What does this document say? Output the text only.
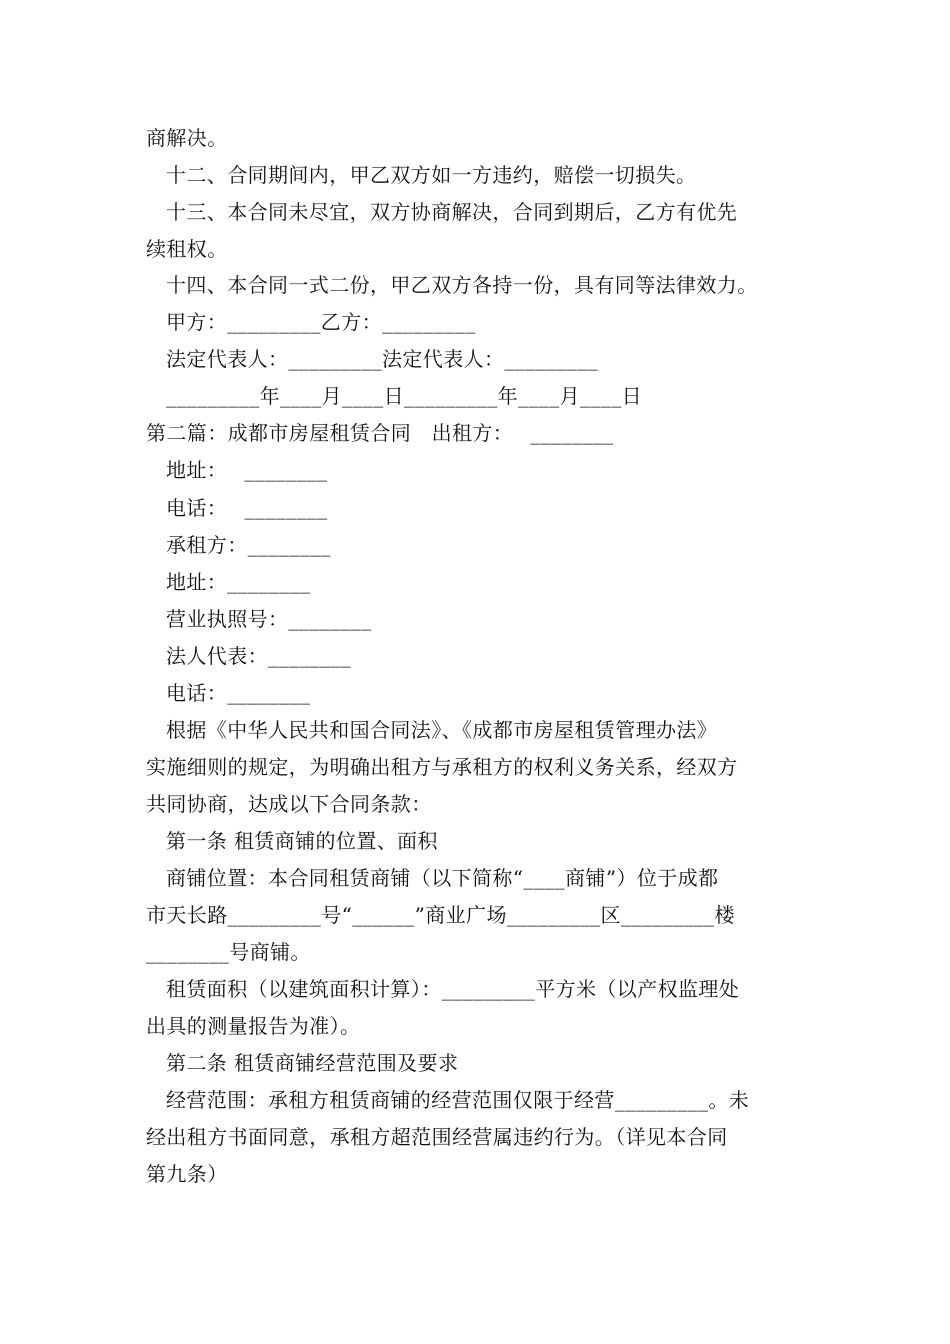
商解决。
十二、合同期间内，甲乙双方如一方违约，赔偿一切损失。
十三、本合同未尽宜，双方协商解决，合同到期后，乙方有优先
续租权。
十四、本合同一式二份，甲乙双方各持一份，具有同等法律效力。
甲方：_________乙方：_________
法定代表人：_________法定代表人：_________
_________年____月____日_________年____月____日
第二篇：成都市房屋租赁合同　出租方：　 ________
地址：　 ________
电话：　 ________
承租方：________
地址：________
营业执照号：________
法人代表：________
电话：________
根据《中华人民共和国合同法》、《成都市房屋租赁管理办法》
实施细则的规定，为明确出租方与承租方的权利义务关系，经双方
共同协商，达成以下合同条款：
第一条 租赁商铺的位置、面积
商铺位置：本合同租赁商铺（以下简称“____商铺”）位于成都
市天长路_________号“______”商业广场_________区_________楼
________号商铺。
租赁面积（以建筑面积计算）：_________平方米（以产权监理处
出具的测量报告为准）。
第二条 租赁商铺经营范围及要求
经营范围：承租方租赁商铺的经营范围仅限于经营_________。未
经出租方书面同意，承租方超范围经营属违约行为。（详见本合同
第九条）
